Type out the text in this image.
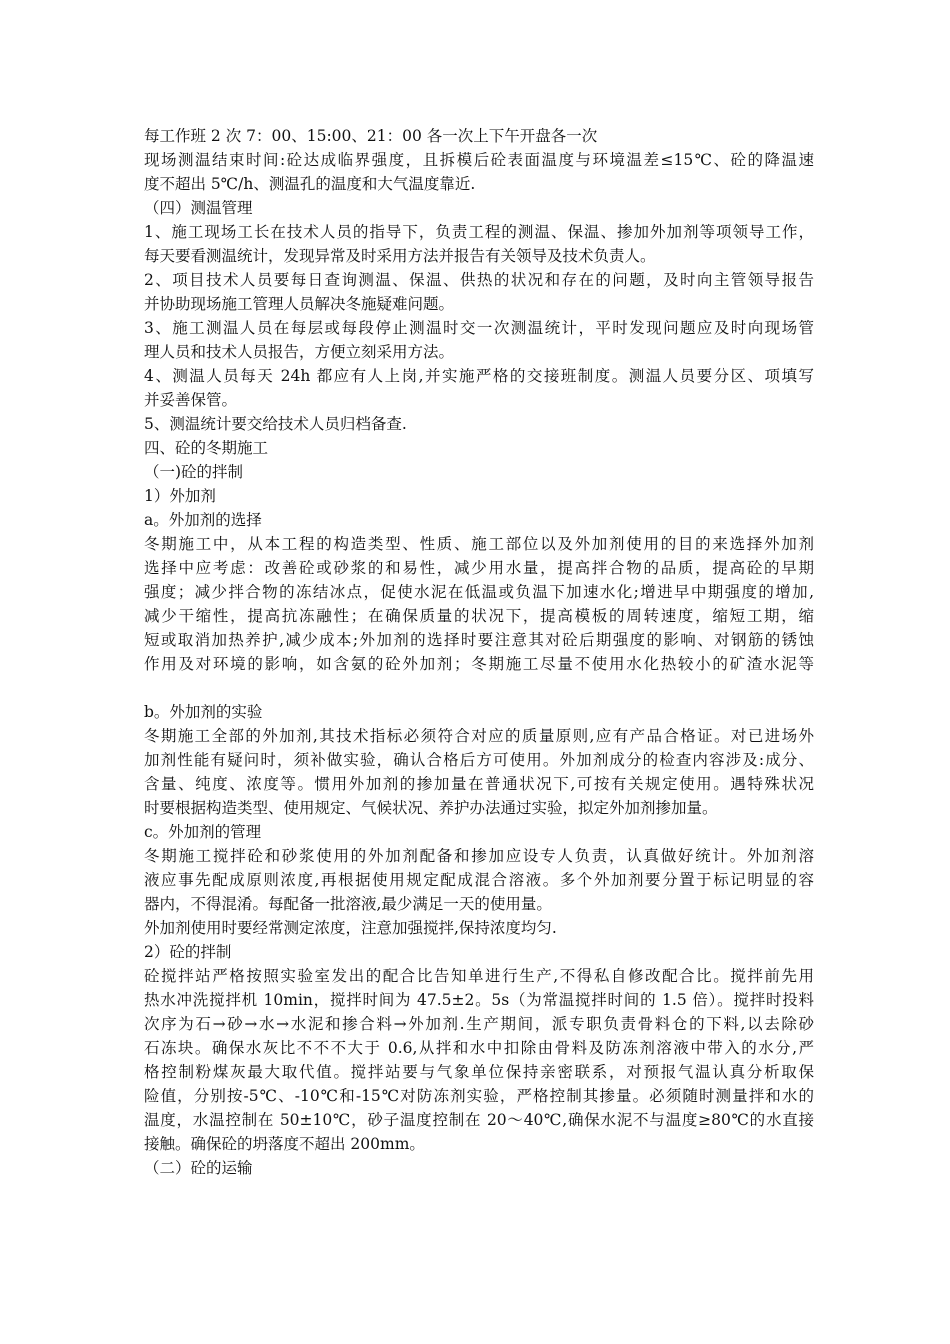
每工作班 2 次 7：00、15:00、21：00 各一次上下午开盘各一次
现场测温结束时间:砼达成临界强度，且拆模后砼表面温度与环境温差≤15℃、砼的降温速
度不超出 5℃/h、测温孔的温度和大气温度靠近.
（四）测温管理
1、施工现场工长在技术人员的指导下，负责工程的测温、保温、掺加外加剂等项领导工作，
每天要看测温统计，发现异常及时采用方法并报告有关领导及技术负责人。
2、项目技术人员要每日查询测温、保温、供热的状况和存在的问题，及时向主管领导报告
并协助现场施工管理人员解决冬施疑难问题。
3、施工测温人员在每层或每段停止测温时交一次测温统计，平时发现问题应及时向现场管
理人员和技术人员报告，方便立刻采用方法。
4、测温人员每天 24h 都应有人上岗,并实施严格的交接班制度。测温人员要分区、项填写
并妥善保管。
5、测温统计要交给技术人员归档备查.
四、砼的冬期施工
（一)砼的拌制
1）外加剂
a。外加剂的选择
冬期施工中，从本工程的构造类型、性质、施工部位以及外加剂使用的目的来选择外加剂
选择中应考虑：改善砼或砂浆的和易性，减少用水量，提高拌合物的品质，提高砼的早期
强度；减少拌合物的冻结冰点，促使水泥在低温或负温下加速水化;增进早中期强度的增加,
减少干缩性，提高抗冻融性；在确保质量的状况下，提高模板的周转速度，缩短工期，缩
短或取消加热养护,减少成本;外加剂的选择时要注意其对砼后期强度的影响、对钢筋的锈蚀
作用及对环境的影响，如含氨的砼外加剂；冬期施工尽量不使用水化热较小的矿渣水泥等
b。外加剂的实验
冬期施工全部的外加剂,其技术指标必须符合对应的质量原则,应有产品合格证。对已进场外
加剂性能有疑问时，须补做实验，确认合格后方可使用。外加剂成分的检查内容涉及:成分、
含量、纯度、浓度等。惯用外加剂的掺加量在普通状况下,可按有关规定使用。遇特殊状况
时要根据构造类型、使用规定、气候状况、养护办法通过实验，拟定外加剂掺加量。
c。外加剂的管理
冬期施工搅拌砼和砂浆使用的外加剂配备和掺加应设专人负责，认真做好统计。外加剂溶
液应事先配成原则浓度,再根据使用规定配成混合溶液。多个外加剂要分置于标记明显的容
器内，不得混淆。每配备一批溶液,最少满足一天的使用量。
外加剂使用时要经常测定浓度，注意加强搅拌,保持浓度均匀.
2）砼的拌制
砼搅拌站严格按照实验室发出的配合比告知单进行生产,不得私自修改配合比。搅拌前先用
热水冲洗搅拌机 10min，搅拌时间为 47.5±2。5s（为常温搅拌时间的 1.5 倍）。搅拌时投料
次序为石→砂→水→水泥和掺合料→外加剂.生产期间，派专职负责骨料仓的下料,以去除砂
石冻块。确保水灰比不不不大于 0.6,从拌和水中扣除由骨料及防冻剂溶液中带入的水分,严
格控制粉煤灰最大取代值。搅拌站要与气象单位保持亲密联系，对预报气温认真分析取保
险值，分别按-5℃、-10℃和-15℃对防冻剂实验，严格控制其掺量。必须随时测量拌和水的
温度，水温控制在 50±10℃，砂子温度控制在 20～40℃,确保水泥不与温度≥80℃的水直接
接触。确保砼的坍落度不超出 200mm。
（二）砼的运输
